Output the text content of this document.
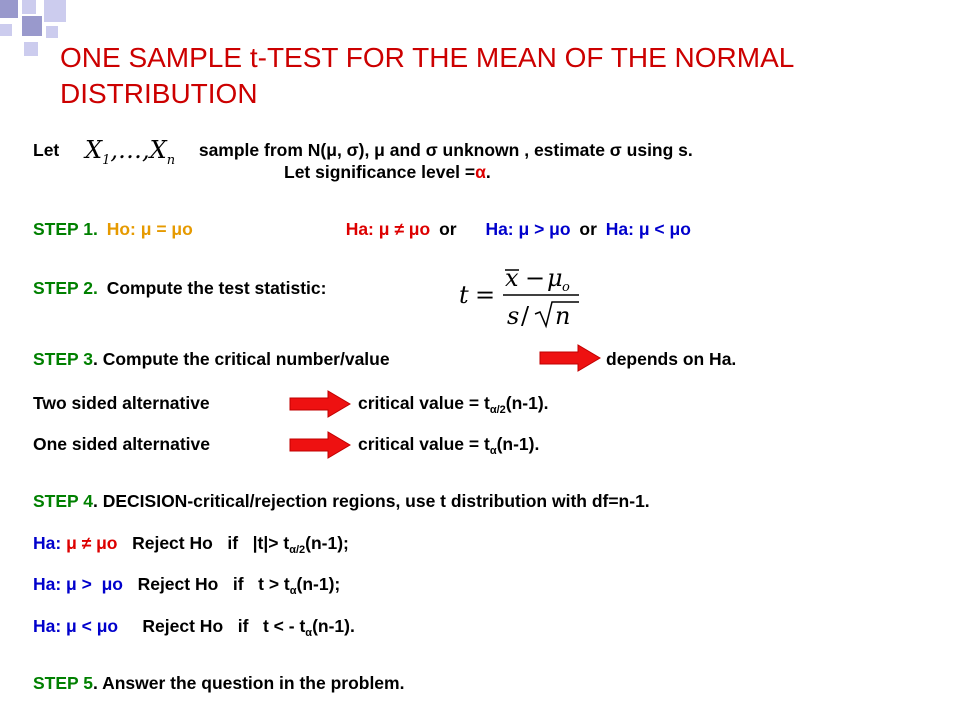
ONE SAMPLE t-TEST FOR THE MEAN OF THE NORMAL DISTRIBUTION
Let $X_1,\dots,X_n$  sample from N(μ, σ), μ and σ unknown , estimate σ using s.
Let significance level =α.
STEP 1. Ho: μ = μo	Ha: μ ≠ μo or Ha: μ > μo or Ha: μ < μo
STEP 2. Compute the test statistic:	t =
x − μ o
s / n
STEP 3. Compute the critical number/value	depends on Ha.
Two sided alternative	critical value = $t_{\alpha/2}(n-1)$.
One sided alternative	critical value = $t_\alpha(n-1)$.
STEP 4. DECISION-critical/rejection regions, use t distribution with df=n-1.
Ha: μ ≠ μo   Reject Ho   if   $|t|> t_{\alpha/2}(n-1)$;
Ha: μ >  μo   Reject Ho   if   $t > t_\alpha(n-1)$;
Ha: μ < μo     Reject Ho   if   t < - $t_\alpha(n-1)$.
STEP 5. Answer the question in the problem.
